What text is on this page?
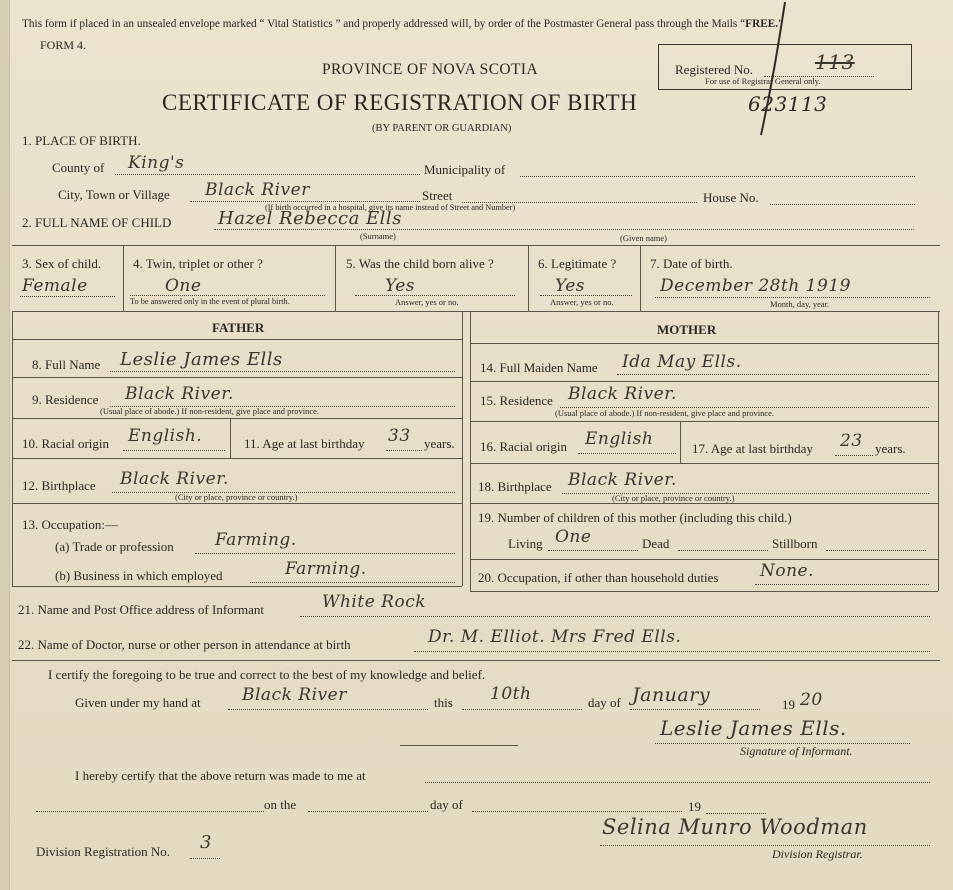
This form if placed in an unsealed envelope marked “ Vital Statistics ” and properly addressed will, by order of the Postmaster General pass through the Mails “FREE.”
FORM 4.
PROVINCE OF NOVA SCOTIA
CERTIFICATE OF REGISTRATION OF BIRTH	623113
(BY PARENT OR GUARDIAN)
Registered No.	113
For use of Registrar General only.
1. PLACE OF BIRTH.
County of King's	Municipality of
City, Town or Village Black River	Street
(If birth occurred in a hospital, give its name instead of Street and Number)
House No.
2. FULL NAME OF CHILD	Hazel Rebecca Ells
(Surname)	(Given name)
3. Sex of child.
Female
4. Twin, triplet or other ?
One
To be answered only in the event of plural birth.
5. Was the child born alive ?
Yes
Answer, yes or no.
6. Legitimate ?
Yes
Answer, yes or no.
7. Date of birth.
December 28th 1919
Month, day, year.
FATHER	MOTHER
8. Full Name Leslie James Ells
9. Residence Black River.
(Usual place of abode.) If non-resident, give place and province.
10. Racial origin English.	11. Age at last birthday 33 years.
12. Birthplace Black River.
(City or place, province or country.)
13. Occupation:—
(a) Trade or profession Farming.
(b) Business in which employed	Farming.
14. Full Maiden Name Ida May Ells.
15. Residence Black River.
(Usual place of abode.) If non-resident, give place and province.
16. Racial origin English	17. Age at last birthday 23 years.
18. Birthplace Black River.
(City or place, province or country.)
19. Number of children of this mother (including this child.)
Living One	Dead	Stillborn
20. Occupation, if other than household duties None.
21. Name and Post Office address of Informant	White Rock
22. Name of Doctor, nurse or other person in attendance at birth	Dr. M. Elliot. Mrs Fred Ells.
I certify the foregoing to be true and correct to the best of my knowledge and belief.
Given under my hand at Black River	this 10th	day of January	19 20
Leslie James Ells.
Signature of Informant.
I hereby certify that the above return was made to me at
on the	day of	19
Division Registration No. 3
Selina Munro Woodman
Division Registrar.
